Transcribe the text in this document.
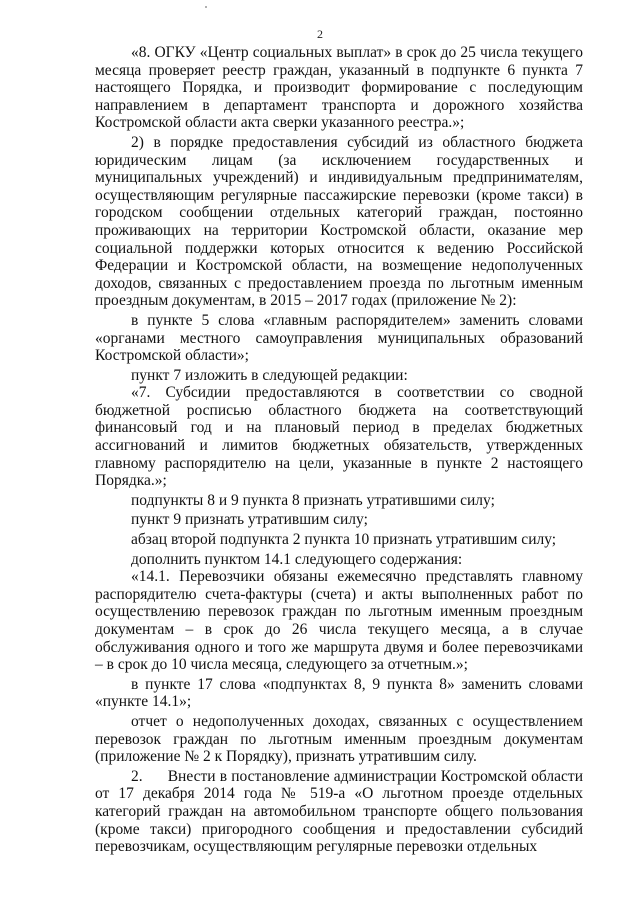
2

«8. ОГКУ «Центр социальных выплат» в срок до 25 числа текущего месяца проверяет реестр граждан, указанный в подпункте 6 пункта 7 настоящего Порядка, и производит формирование с последующим направлением в департамент транспорта и дорожного хозяйства Костромской области акта сверки указанного реестра.»;

2) в порядке предоставления субсидий из областного бюджета юридическим лицам (за исключением государственных и муниципальных учреждений) и индивидуальным предпринимателям, осуществляющим регулярные пассажирские перевозки (кроме такси) в городском сообщении отдельных категорий граждан, постоянно проживающих на территории Костромской области, оказание мер социальной поддержки которых относится к ведению Российской Федерации и Костромской области, на возмещение недополученных доходов, связанных с предоставлением проезда по льготным именным проездным документам, в 2015 – 2017 годах (приложение № 2):

в пункте 5 слова «главным распорядителем» заменить словами «органами местного самоуправления муниципальных образований Костромской области»;

пункт 7 изложить в следующей редакции:

«7. Субсидии предоставляются в соответствии со сводной бюджетной росписью областного бюджета на соответствующий финансовый год и на плановый период в пределах бюджетных ассигнований и лимитов бюджетных обязательств, утвержденных главному распорядителю на цели, указанные в пункте 2 настоящего Порядка.»;

подпункты 8 и 9 пункта 8 признать утратившими силу;

пункт 9 признать утратившим силу;

абзац второй подпункта 2 пункта 10 признать утратившим силу;

дополнить пунктом 14.1 следующего содержания:

«14.1. Перевозчики обязаны ежемесячно представлять главному распорядителю счета-фактуры (счета) и акты выполненных работ по осуществлению перевозок граждан по льготным именным проездным документам – в срок до 26 числа текущего месяца, а в случае обслуживания одного и того же маршрута двумя и более перевозчиками – в срок до 10 числа месяца, следующего за отчетным.»;

в пункте 17 слова «подпунктах 8, 9 пункта 8» заменить словами «пункте 14.1»;

отчет о недополученных доходах, связанных с осуществлением перевозок граждан по льготным именным проездным документам (приложение № 2 к Порядку), признать утратившим силу.

2.      Внести в постановление администрации Костромской области от 17 декабря 2014 года № 519-а «О льготном проезде отдельных категорий граждан на автомобильном транспорте общего пользования (кроме такси) пригородного сообщения и предоставлении субсидий перевозчикам, осуществляющим регулярные перевозки отдельных
